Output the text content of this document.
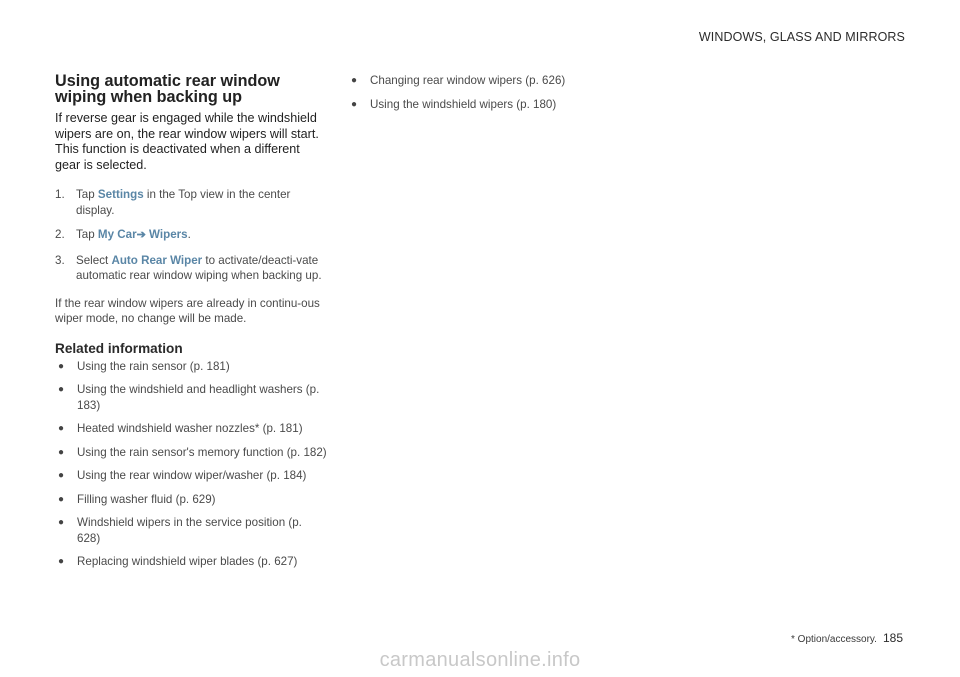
WINDOWS, GLASS AND MIRRORS
Using automatic rear window wiping when backing up

If reverse gear is engaged while the windshield wipers are on, the rear window wipers will start. This function is deactivated when a different gear is selected.

1. Tap Settings in the Top view in the center display.
2. Tap My Car➔ Wipers.
3. Select Auto Rear Wiper to activate/deacti-vate automatic rear window wiping when backing up.

If the rear window wipers are already in continu-ous wiper mode, no change will be made.

Related information
● Using the rain sensor (p. 181)
● Using the windshield and headlight washers (p. 183)
● Heated windshield washer nozzles* (p. 181)
● Using the rain sensor's memory function (p. 182)
● Using the rear window wiper/washer (p. 184)
● Filling washer fluid (p. 629)
● Windshield wipers in the service position (p. 628)
● Replacing windshield wiper blades (p. 627)
● Changing rear window wipers (p. 626)
● Using the windshield wipers (p. 180)
* Option/accessory. 185
carmanualsonline.info
